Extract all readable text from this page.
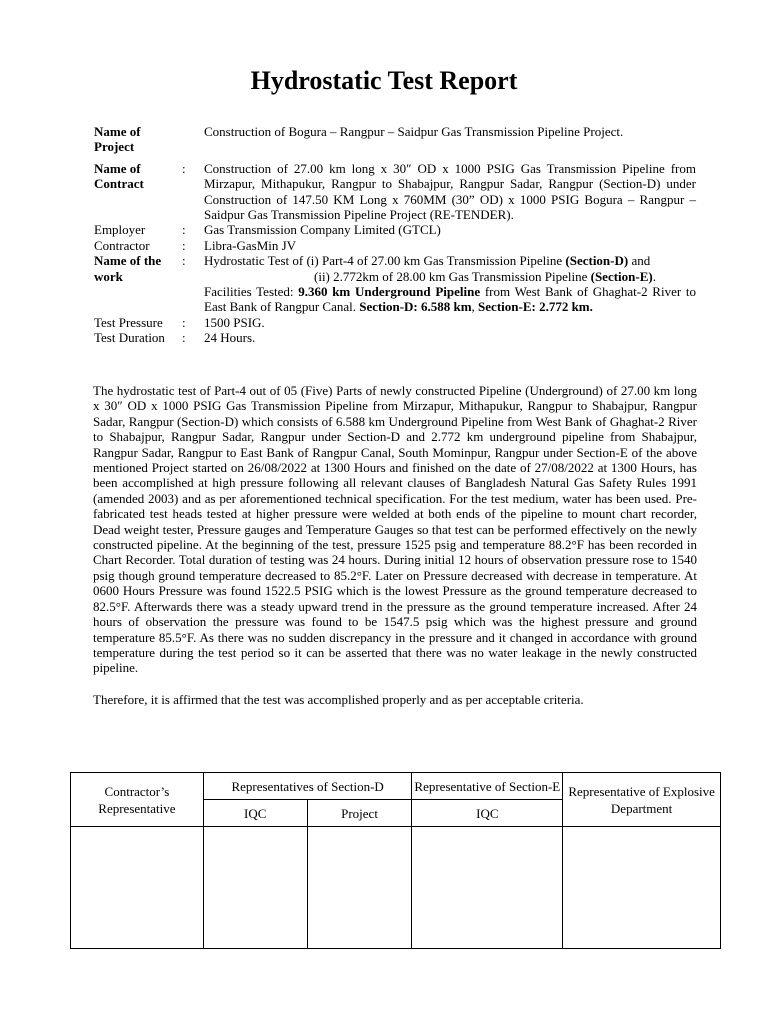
Hydrostatic Test Report
Name of Project
Construction of Bogura – Rangpur – Saidpur Gas Transmission Pipeline Project.
Name of Contract
:	Construction of 27.00 km long x 30″ OD x 1000 PSIG Gas Transmission Pipeline from Mirzapur, Mithapukur, Rangpur to Shabajpur, Rangpur Sadar, Rangpur (Section-D) under Construction of 147.50 KM Long x 760MM (30” OD) x 1000 PSIG Bogura – Rangpur – Saidpur Gas Transmission Pipeline Project (RE-TENDER).
Employer	:	Gas Transmission Company Limited (GTCL)
Contractor	:	Libra-GasMin JV
Name of the work
:	Hydrostatic Test of (i) Part-4 of 27.00 km Gas Transmission Pipeline (Section-D) and
(ii) 2.772km of 28.00 km Gas Transmission Pipeline (Section-E).
Facilities Tested: 9.360 km Underground Pipeline from West Bank of Ghaghat-2 River to East Bank of Rangpur Canal. Section-D: 6.588 km, Section-E: 2.772 km.
Test Pressure	:	1500 PSIG.
Test Duration	:	24 Hours.

The hydrostatic test of Part-4 out of 05 (Five) Parts of newly constructed Pipeline (Underground) of 27.00 km long x 30″ OD x 1000 PSIG Gas Transmission Pipeline from Mirzapur, Mithapukur, Rangpur to Shabajpur, Rangpur Sadar, Rangpur (Section-D) which consists of 6.588 km Underground Pipeline from West Bank of Ghaghat-2 River to Shabajpur, Rangpur Sadar, Rangpur under Section-D and 2.772 km underground pipeline from Shabajpur, Rangpur Sadar, Rangpur to East Bank of Rangpur Canal, South Mominpur, Rangpur under Section-E of the above mentioned Project started on 26/08/2022 at 1300 Hours and finished on the date of 27/08/2022 at 1300 Hours, has been accomplished at high pressure following all relevant clauses of Bangladesh Natural Gas Safety Rules 1991 (amended 2003) and as per aforementioned technical specification. For the test medium, water has been used. Pre-fabricated test heads tested at higher pressure were welded at both ends of the pipeline to mount chart recorder, Dead weight tester, Pressure gauges and Temperature Gauges so that test can be performed effectively on the newly constructed pipeline. At the beginning of the test, pressure 1525 psig and temperature 88.2°F has been recorded in Chart Recorder. Total duration of testing was 24 hours. During initial 12 hours of observation pressure rose to 1540 psig though ground temperature decreased to 85.2°F. Later on Pressure decreased with decrease in temperature. At 0600 Hours Pressure was found 1522.5 PSIG which is the lowest Pressure as the ground temperature decreased to 82.5°F. Afterwards there was a steady upward trend in the pressure as the ground temperature increased. After 24 hours of observation the pressure was found to be 1547.5 psig which was the highest pressure and ground temperature 85.5°F. As there was no sudden discrepancy in the pressure and it changed in accordance with ground temperature during the test period so it can be asserted that there was no water leakage in the newly constructed pipeline.

Therefore, it is affirmed that the test was accomplished properly and as per acceptable criteria.

Contractor’s Representative	Representatives of Section-D		Representative of Section-E	Representative of Explosive Department
	IQC	Project	IQC	
